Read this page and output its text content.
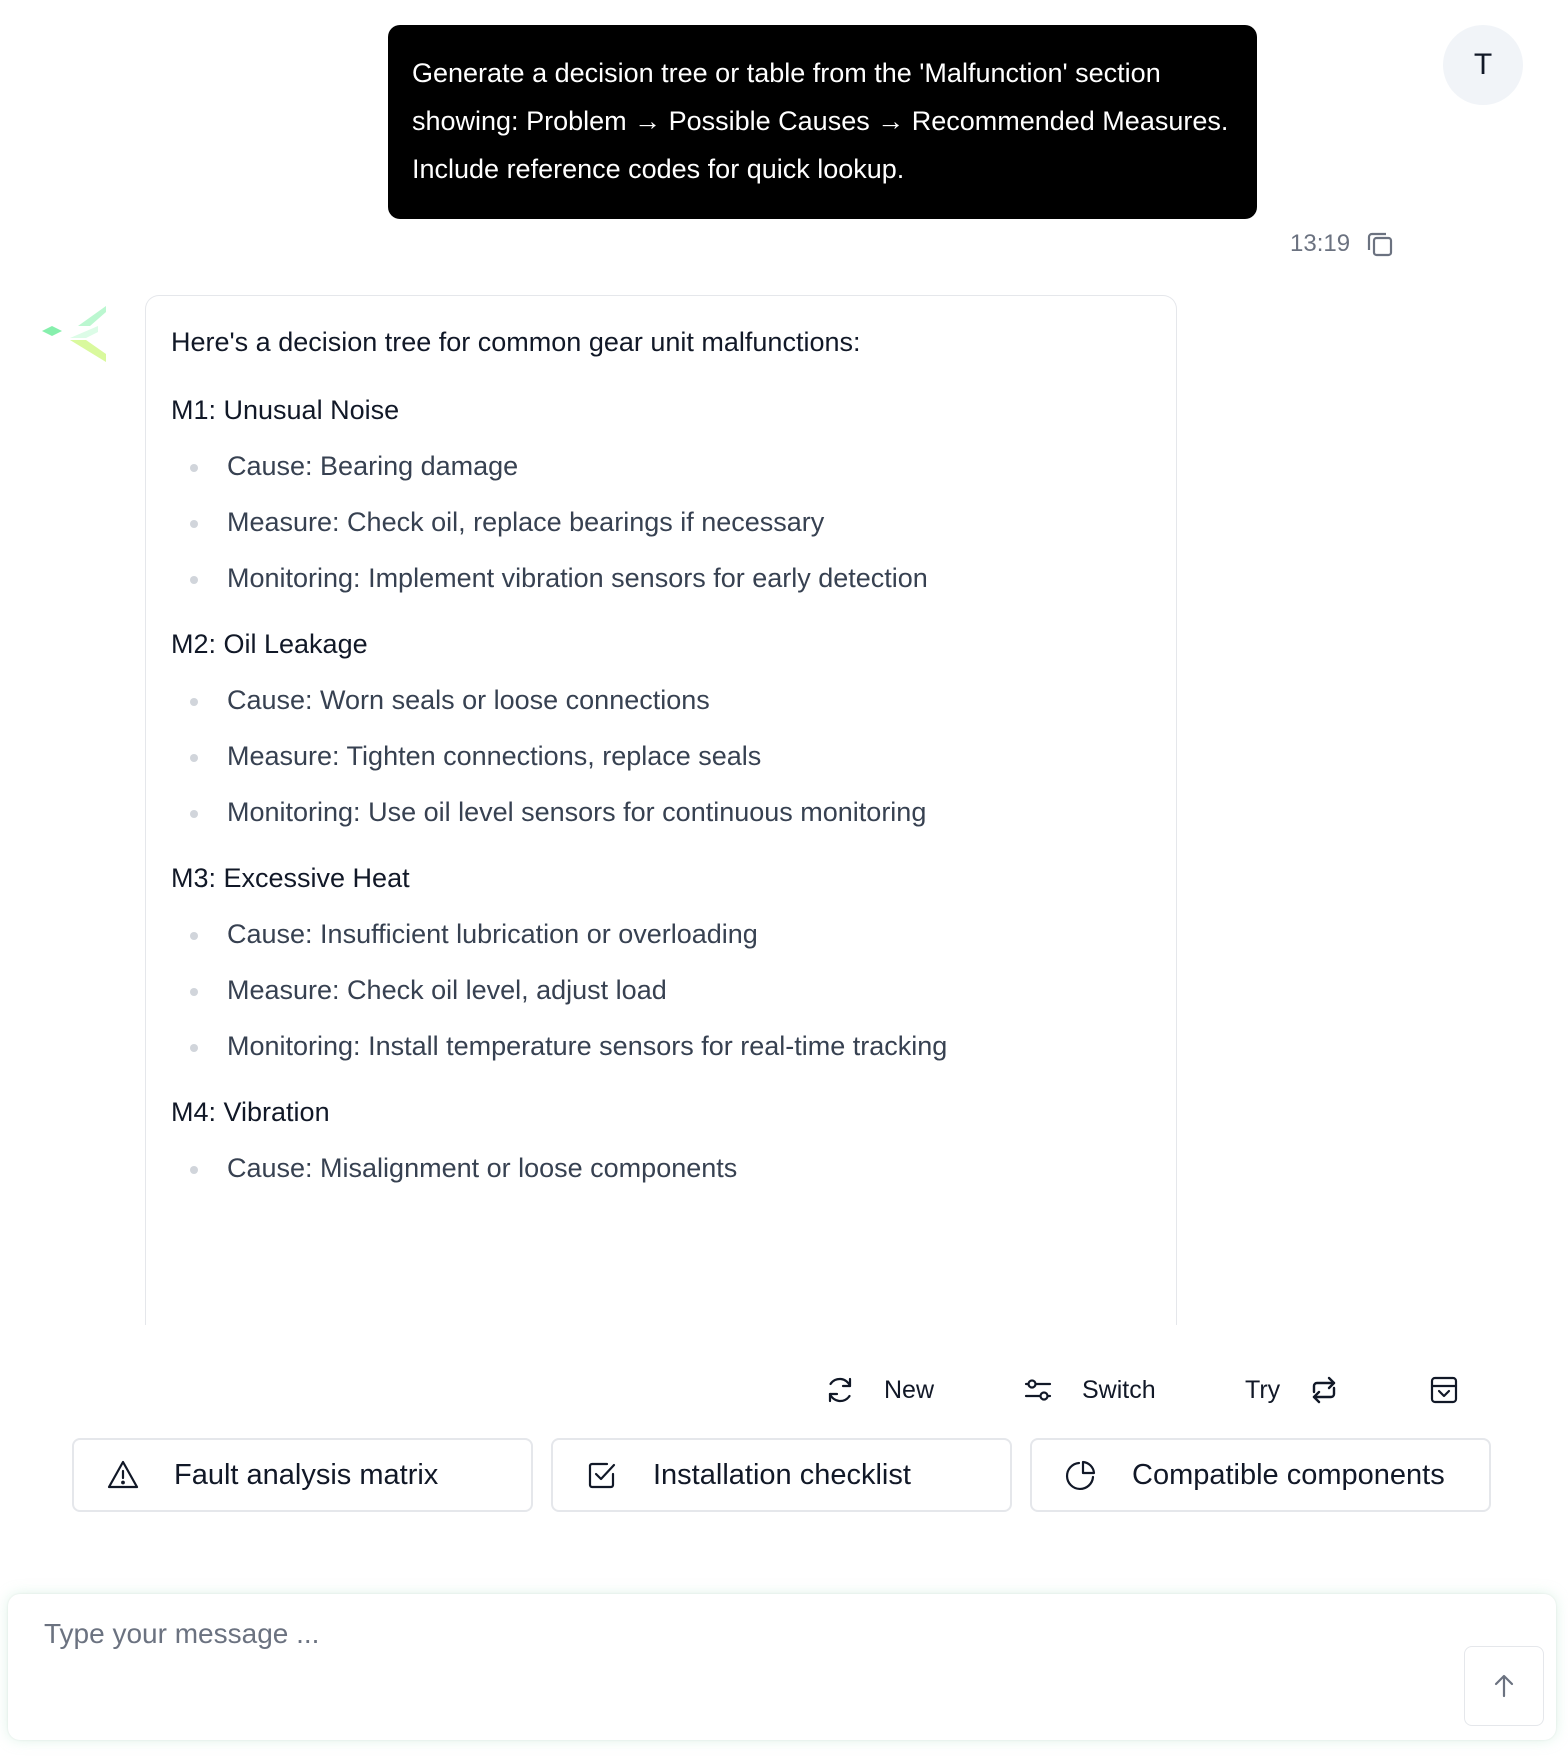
Generate a decision tree or table from the 'Malfunction' section showing: Problem → Possible Causes → Recommended Measures. Include reference codes for quick lookup.
T
13:19

Here's a decision tree for common gear unit malfunctions:

M1: Unusual Noise

Cause: Bearing damage
Measure: Check oil, replace bearings if necessary
Monitoring: Implement vibration sensors for early detection

M2: Oil Leakage

Cause: Worn seals or loose connections
Measure: Tighten connections, replace seals
Monitoring: Use oil level sensors for continuous monitoring

M3: Excessive Heat

Cause: Insufficient lubrication or overloading
Measure: Check oil level, adjust load
Monitoring: Install temperature sensors for real-time tracking

M4: Vibration

Cause: Misalignment or loose components
New	Switch	Try
Fault analysis matrix	Installation checklist	Compatible components
Type your message ...
